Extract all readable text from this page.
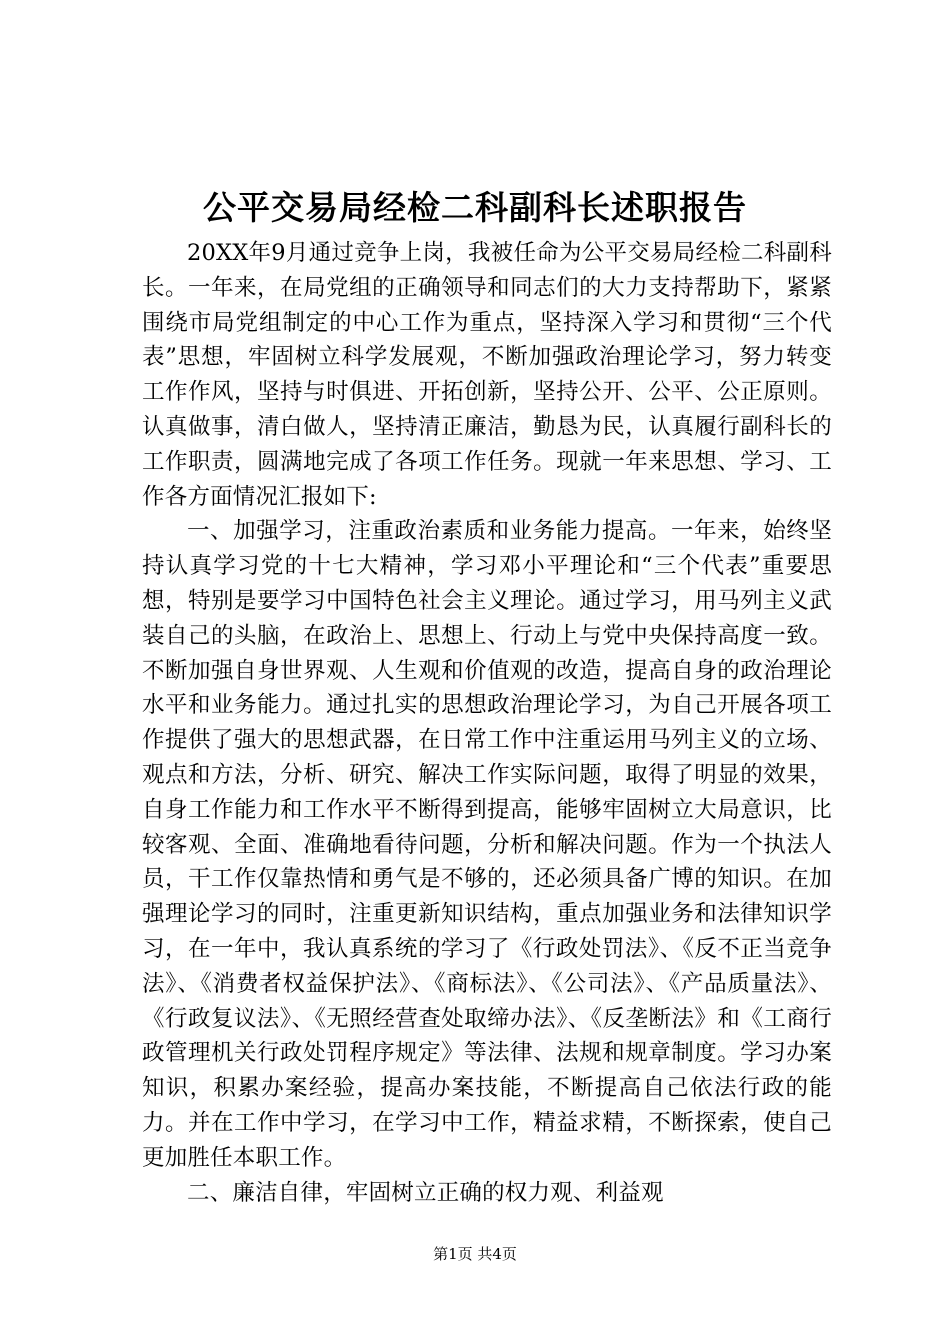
公平交易局经检二科副科长述职报告

20XX年9月通过竞争上岗，我被任命为公平交易局经检二科副科长。一年来，在局党组的正确领导和同志们的大力支持帮助下，紧紧围绕市局党组制定的中心工作为重点，坚持深入学习和贯彻“三个代表”思想，牢固树立科学发展观，不断加强政治理论学习，努力转变工作作风，坚持与时俱进、开拓创新，坚持公开、公平、公正原则。认真做事，清白做人，坚持清正廉洁，勤恳为民，认真履行副科长的工作职责，圆满地完成了各项工作任务。现就一年来思想、学习、工作各方面情况汇报如下:

一、加强学习，注重政治素质和业务能力提高。一年来，始终坚持认真学习党的十七大精神，学习邓小平理论和“三个代表”重要思想，特别是要学习中国特色社会主义理论。通过学习，用马列主义武装自己的头脑，在政治上、思想上、行动上与党中央保持高度一致。不断加强自身世界观、人生观和价值观的改造，提高自身的政治理论水平和业务能力。通过扎实的思想政治理论学习，为自己开展各项工作提供了强大的思想武器，在日常工作中注重运用马列主义的立场、观点和方法，分析、研究、解决工作实际问题，取得了明显的效果，自身工作能力和工作水平不断得到提高，能够牢固树立大局意识，比较客观、全面、准确地看待问题，分析和解决问题。作为一个执法人员，干工作仅靠热情和勇气是不够的，还必须具备广博的知识。在加强理论学习的同时，注重更新知识结构，重点加强业务和法律知识学习，在一年中，我认真系统的学习了《行政处罚法》、《反不正当竞争法》、《消费者权益保护法》、《商标法》、《公司法》、《产品质量法》、《行政复议法》、《无照经营查处取缔办法》、《反垄断法》和《工商行政管理机关行政处罚程序规定》等法律、法规和规章制度。学习办案知识，积累办案经验，提高办案技能，不断提高自己依法行政的能力。并在工作中学习，在学习中工作，精益求精，不断探索，使自己更加胜任本职工作。

二、廉洁自律，牢固树立正确的权力观、利益观

第1页 共4页
